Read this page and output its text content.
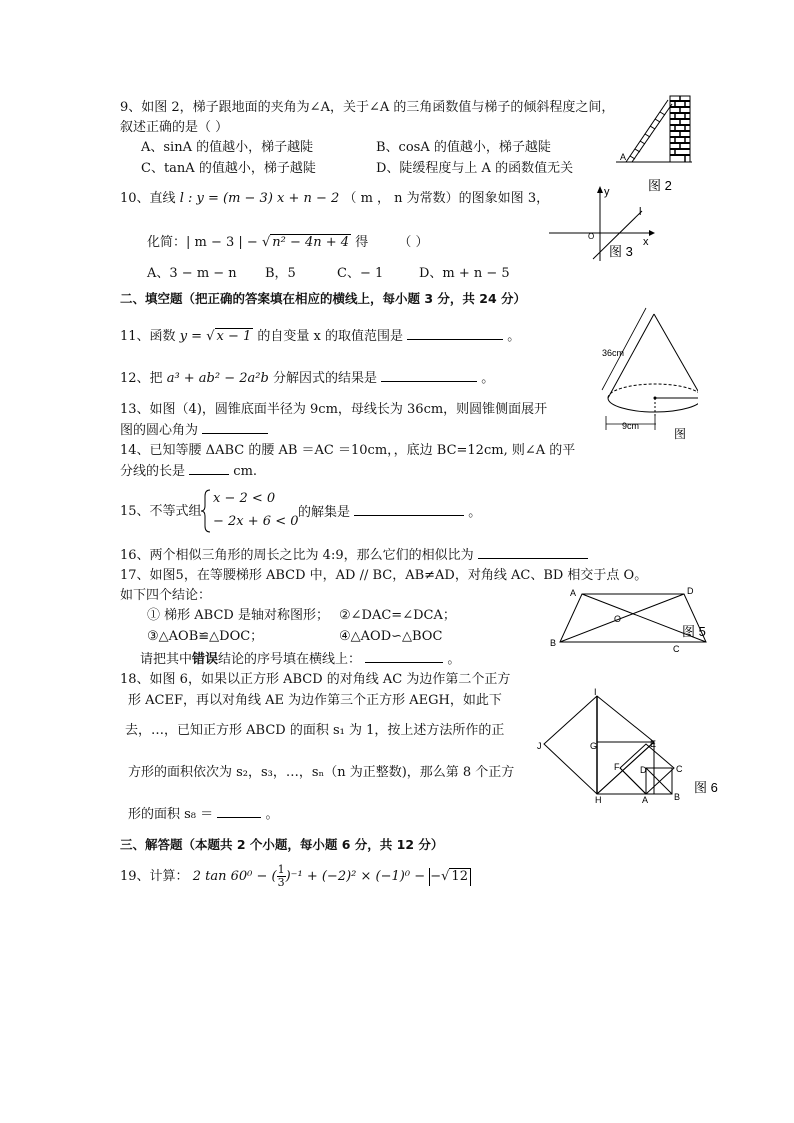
9、如图 2，梯子跟地面的夹角为∠A，关于∠A 的三角函数值与梯子的倾斜程度之间，
叙述正确的是（ ）
A、sinA 的值越小，梯子越陡	B、cosA 的值越小，梯子越陡
C、tanA 的值越小，梯子越陡	D、陡缓程度与上 A 的函数值无关
A
图 2
10、直线 l : y = (m − 3) x + n − 2 （ m ， n 为常数）的图象如图 3，
化简：| m − 3 | − √ n² − 4n + 4 得 （ ）
A、3 − m − n B，5	C、− 1	D、m + n − 5
y
x
O
l
图 3
二、填空题（把正确的答案填在相应的横线上，每小题 3 分，共 24 分）
11、函数 y = √ x − 1 的自变量 x 的取值范围是	。
12、把 a³ + ab² − 2a²b 分解因式的结果是	。
13、如图（4)，圆锥底面半径为 9cm，母线长为 36cm，则圆锥侧面展开
图的圆心角为
36cm
9cm
图
14、已知等腰 ΔABC 的腰 AB ＝AC ＝10cm，，底边 BC=12cm, 则∠A 的平
分线的长是	cm.
15、不等式组
x − 2 < 0
− 2x + 6 < 0
的解集是	。
16、两个相似三角形的周长之比为 4:9，那么它们的相似比为
17、如图5，在等腰梯形 ABCD 中，AD // BC，AB≠AD，对角线 AC、BD 相交于点 O。
如下四个结论：
① 梯形 ABCD 是轴对称图形； ②∠DAC=∠DCA；
③△AOB≌△DOC；	④△AOD∽△BOC
请把其中错误结论的序号填在横线上：	。
A	D
O
B
C
图 5
18、如图 6，如果以正方形 ABCD 的对角线 AC 为边作第二个正方
形 ACEF，再以对角线 AE 为边作第三个正方形 AEGH，如此下
去，…，已知正方形 ABCD 的面积 s₁ 为 1，按上述方法所作的正
方形的面积依次为 s₂，s₃，…，sₙ（n 为正整数)，那么第 8 个正方
形的面积 s₈ ＝	。
I
J	G	E
F D	C
H	A	B
图 6
三、解答题（本题共 2 个小题，每小题 6 分，共 12 分）
19、计算： 2 tan 60⁰ − ( $\frac{1}{3} )^{-1} + (-2)^2 \times (-1)^0$ − −√ 12
